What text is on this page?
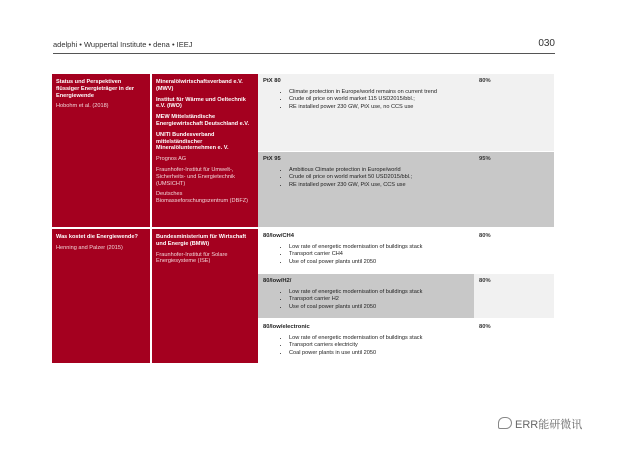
adelphi • Wuppertal Institute • dena • IEEJ	030
Status und Perspektiven flüssiger Energieträger in der Energiewende
Hobohm et al. (2018)
Mineralölwirtschaftsverband e.V. (MWV)
Institut für Wärme und Oeltechnik e.V. (IWO)
MEW Mittelständische Energiewirtschaft Deutschland e.V.
UNITI Bundesverband mittelständischer Mineralölunternehmen e. V.
Prognos AG
Fraunhofer-Institut für Umwelt-, Sicherheits- und Energietechnik (UMSICHT)
Deutsches Biomasseforschungszentrum (DBFZ)
PtX 80
• Climate protection in Europe/world remains on current trend
• Crude oil price on world market 115 USD2015/bbl.;
• RE installed power 230 GW, PtX use, no CCS use
80%
PtX 95
• Ambitious Climate protection in Europe/world
• Crude oil price on world market 50 USD2015/bbl.;
• RE installed power 230 GW, PtX use, CCS use
95%
Was kostet die Energiewende?
Henning and Palzer (2015)
Bundesministerium für Wirtschaft und Energie (BMWi)
Fraunhofer-Institut für Solare Energiesysteme (ISE)
80/low/CH4
• Low rate of energetic modernisation of buildings stack
• Transport carrier CH4
• Use of coal power plants until 2050
80%
80/low/H2/
• Low rate of energetic modernisation of buildings stack
• Transport carrier H2
• Use of coal power plants until 2050
80%
80/low/electronic
• Low rate of energetic modernisation of buildings stack
• Transport carriers electricity
• Coal power plants in use until 2050
80%
ERR能研微讯
